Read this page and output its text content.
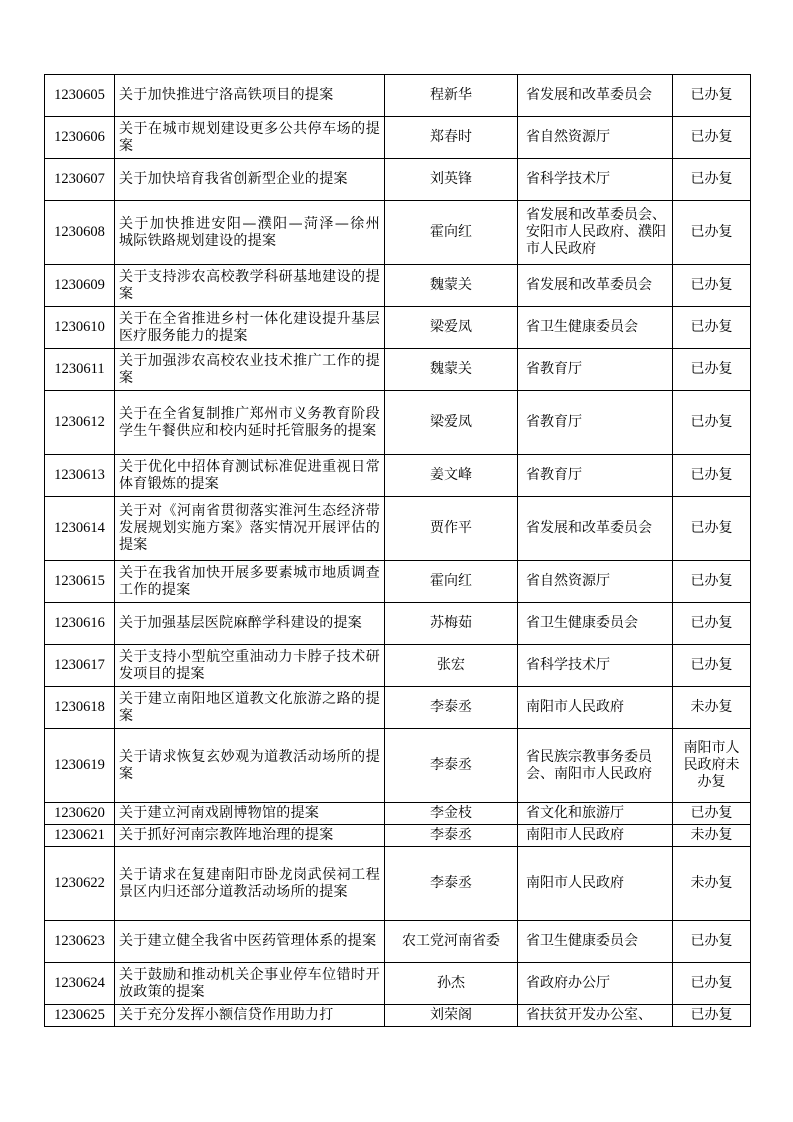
1230605	关于加快推进宁洛高铁项目的提案	程新华	省发展和改革委员会	已办复
1230606	关于在城市规划建设更多公共停车场的提案	郑春时	省自然资源厅	已办复
1230607	关于加快培育我省创新型企业的提案	刘英锋	省科学技术厅	已办复
1230608	关于加快推进安阳—濮阳—菏泽—徐州 城际铁路规划建设的提案	霍向红	省发展和改革委员会、安阳市人民政府、濮阳市人民政府	已办复
1230609	关于支持涉农高校教学科研基地建设的提案	魏蒙关	省发展和改革委员会	已办复
1230610	关于在全省推进乡村一体化建设提升基层医疗服务能力的提案	梁爱凤	省卫生健康委员会	已办复
1230611	关于加强涉农高校农业技术推广工作的提案	魏蒙关	省教育厅	已办复
1230612	关于在全省复制推广郑州市义务教育阶段学生午餐供应和校内延时托管服务的提案	梁爱凤	省教育厅	已办复
1230613	关于优化中招体育测试标准促进重视日常体育锻炼的提案	姜文峰	省教育厅	已办复
1230614	关于对《河南省贯彻落实淮河生态经济带发展规划实施方案》落实情况开展评估的提案	贾作平	省发展和改革委员会	已办复
1230615	关于在我省加快开展多要素城市地质调查工作的提案	霍向红	省自然资源厅	已办复
1230616	关于加强基层医院麻醉学科建设的提案	苏梅茹	省卫生健康委员会	已办复
1230617	关于支持小型航空重油动力卡脖子技术研发项目的提案	张宏	省科学技术厅	已办复
1230618	关于建立南阳地区道教文化旅游之路的提案	李泰丞	南阳市人民政府	未办复
1230619	关于请求恢复玄妙观为道教活动场所的提案	李泰丞	省民族宗教事务委员会、南阳市人民政府	南阳市人民政府未办复
1230620	关于建立河南戏剧博物馆的提案	李金枝	省文化和旅游厅	已办复
1230621	关于抓好河南宗教阵地治理的提案	李泰丞	南阳市人民政府	未办复
1230622	关于请求在复建南阳市卧龙岗武侯祠工程景区内归还部分道教活动场所的提案	李泰丞	南阳市人民政府	未办复
1230623	关于建立健全我省中医药管理体系的提案	农工党河南省委	省卫生健康委员会	已办复
1230624	关于鼓励和推动机关企事业停车位错时开放政策的提案	孙杰	省政府办公厅	已办复
1230625	关于充分发挥小额信贷作用助力打	刘荣阁	省扶贫开发办公室、	已办复
